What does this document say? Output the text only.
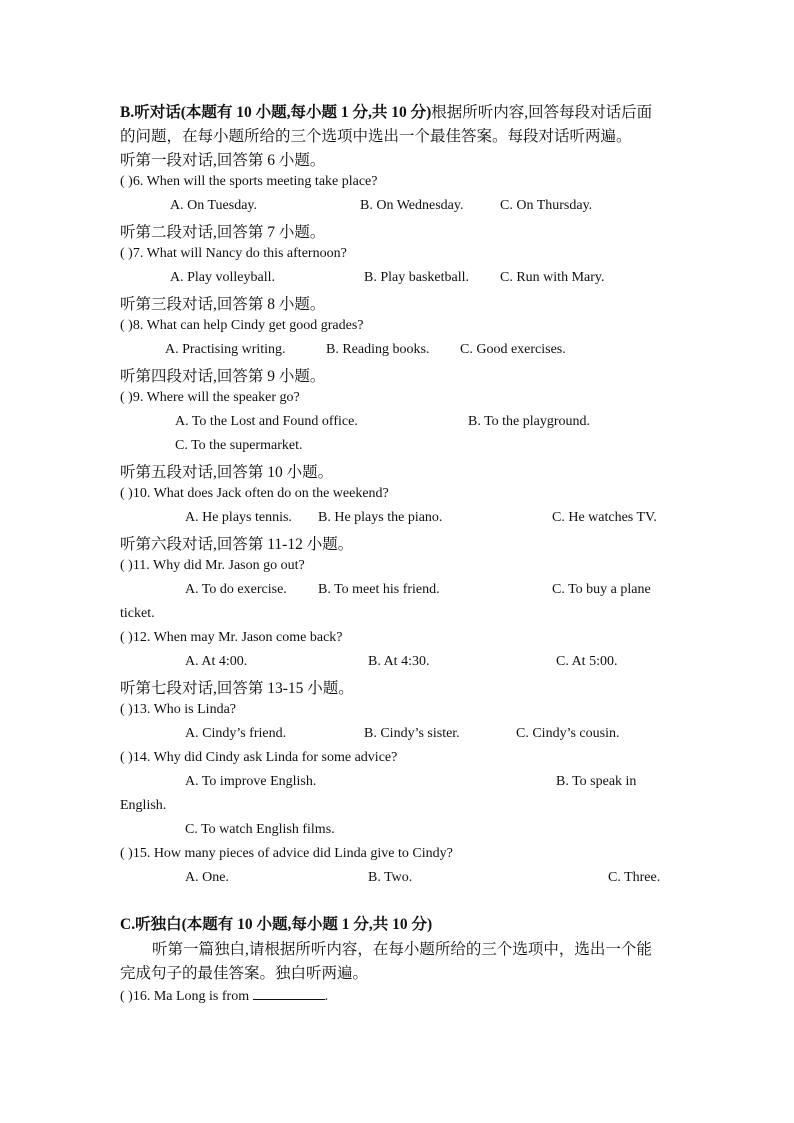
B.听对话(本题有 10 小题,每小题 1 分,共 10 分)根据所听内容,回答每段对话后面
的问题，在每小题所给的三个选项中选出一个最佳答案。每段对话听两遍。
听第一段对话,回答第 6 小题。
( )6. When will the sports meeting take place?
A. On Tuesday.	B. On Wednesday.	C. On Thursday.
听第二段对话,回答第 7 小题。
( )7. What will Nancy do this afternoon?
A. Play volleyball.	B. Play basketball. C. Run with Mary.
听第三段对话,回答第 8 小题。
( )8. What can help Cindy get good grades?
A. Practising writing.	B. Reading books. C. Good exercises.
听第四段对话,回答第 9 小题。
( )9. Where will the speaker go?
A. To the Lost and Found office.	B. To the playground.
C. To the supermarket.
听第五段对话,回答第 10 小题。
( )10. What does Jack often do on the weekend?
A. He plays tennis. B. He plays the piano.	C. He watches TV.
听第六段对话,回答第 11-12 小题。
( )11. Why did Mr. Jason go out?
A. To do exercise. B. To meet his friend.	C. To buy a plane
ticket.
( )12. When may Mr. Jason come back?
A. At 4:00.	B. At 4:30.	C. At 5:00.
听第七段对话,回答第 13-15 小题。
( )13. Who is Linda?
A. Cindy’s friend.	B. Cindy’s sister.	C. Cindy’s cousin.
( )14. Why did Cindy ask Linda for some advice?
A. To improve English.	B. To speak in
English.
C. To watch English films.
( )15. How many pieces of advice did Linda give to Cindy?
A. One.	B. Two.	C. Three.
C.听独白(本题有 10 小题,每小题 1 分,共 10 分)
听第一篇独白,请根据所听内容，在每小题所给的三个选项中，选出一个能
完成句子的最佳答案。独白听两遍。
( )16. Ma Long is from	.
